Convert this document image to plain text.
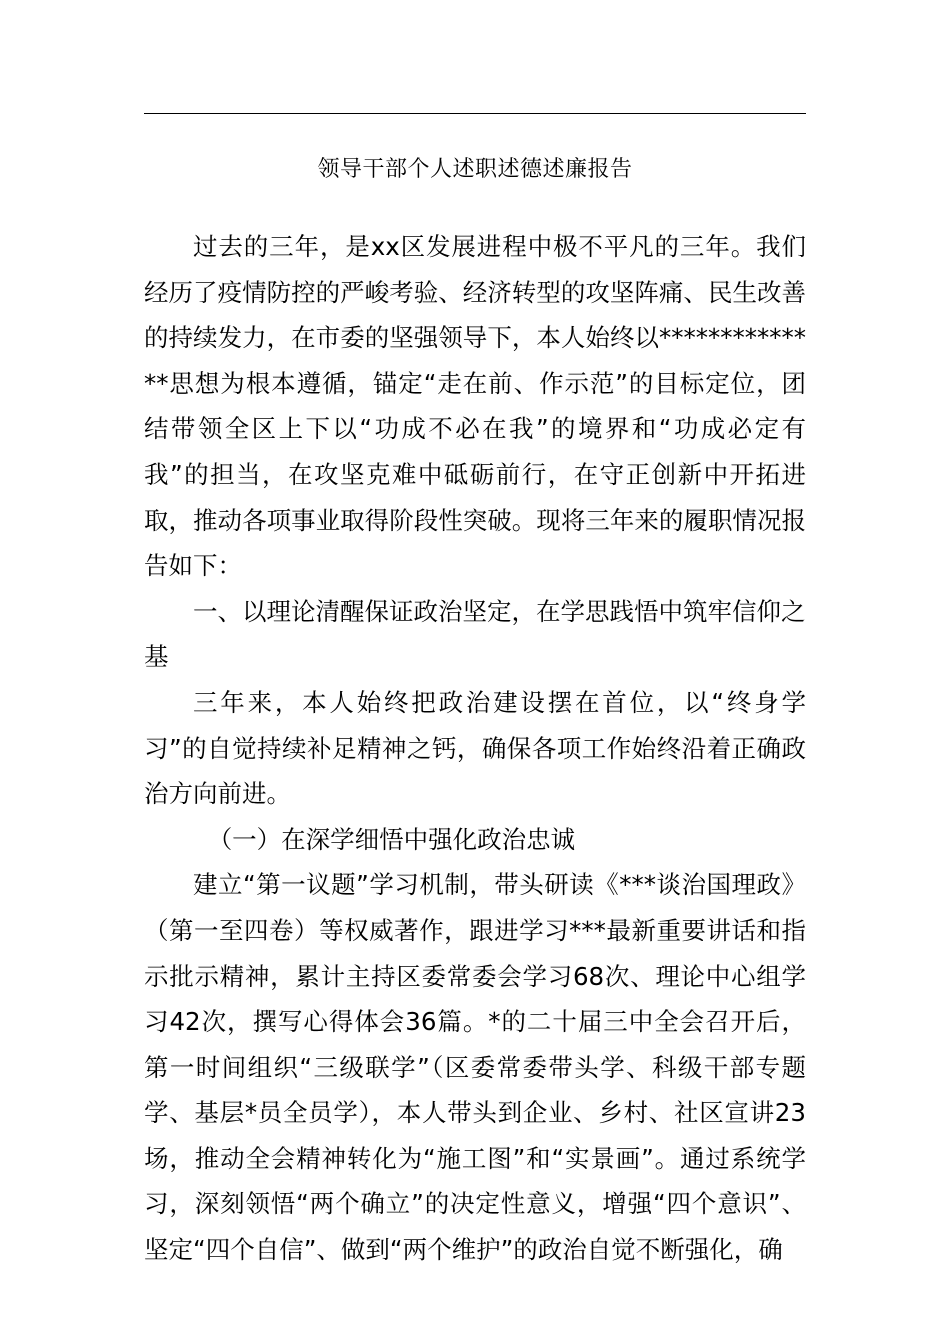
领导干部个人述职述德述廉报告

过去的三年，是xx区发展进程中极不平凡的三年。我们经历了疫情防控的严峻考验、经济转型的攻坚阵痛、民生改善的持续发力，在市委的坚强领导下，本人始终以**************思想为根本遵循，锚定“走在前、作示范”的目标定位，团结带领全区上下以“功成不必在我”的境界和“功成必定有我”的担当，在攻坚克难中砥砺前行，在守正创新中开拓进取，推动各项事业取得阶段性突破。现将三年来的履职情况报告如下：

一、以理论清醒保证政治坚定，在学思践悟中筑牢信仰之基

三年来，本人始终把政治建设摆在首位，以“终身学习”的自觉持续补足精神之钙，确保各项工作始终沿着正确政治方向前进。

（一）在深学细悟中强化政治忠诚

建立“第一议题”学习机制，带头研读《***谈治国理政》（第一至四卷）等权威著作，跟进学习***最新重要讲话和指示批示精神，累计主持区委常委会学习68次、理论中心组学习42次，撰写心得体会36篇。*的二十届三中全会召开后，第一时间组织“三级联学”（区委常委带头学、科级干部专题学、基层*员全员学），本人带头到企业、乡村、社区宣讲23场，推动全会精神转化为“施工图”和“实景画”。通过系统学习，深刻领悟“两个确立”的决定性意义，增强“四个意识”、坚定“四个自信”、做到“两个维护”的政治自觉不断强化，确
